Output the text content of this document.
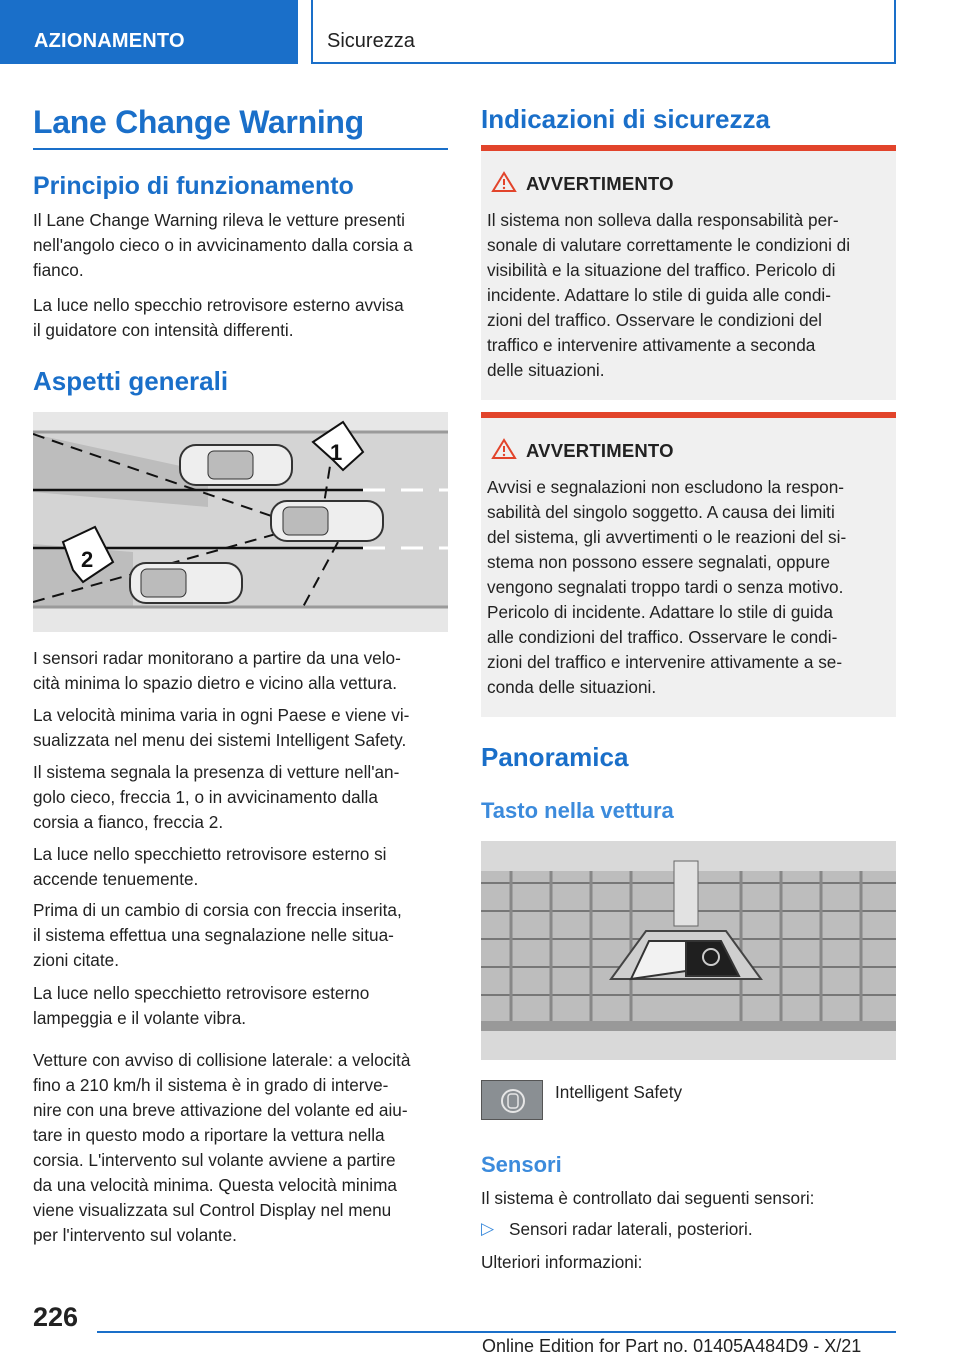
AZIONAMENTO	Sicurezza
Lane Change Warning
Principio di funzionamento
Il Lane Change Warning rileva le vetture presenti
nell'angolo cieco o in avvicinamento dalla corsia a
fianco.
La luce nello specchio retrovisore esterno avvisa
il guidatore con intensità differenti.
Aspetti generali
1
2
I sensori radar monitorano a partire da una velo-
cità minima lo spazio dietro e vicino alla vettura.
La velocità minima varia in ogni Paese e viene vi-
sualizzata nel menu dei sistemi Intelligent Safety.
Il sistema segnala la presenza di vetture nell'an-
golo cieco, freccia 1, o in avvicinamento dalla
corsia a fianco, freccia 2.
La luce nello specchietto retrovisore esterno si
accende tenuemente.
Prima di un cambio di corsia con freccia inserita,
il sistema effettua una segnalazione nelle situa-
zioni citate.
La luce nello specchietto retrovisore esterno
lampeggia e il volante vibra.
Vetture con avviso di collisione laterale: a velocità
fino a 210 km/h il sistema è in grado di interve-
nire con una breve attivazione del volante ed aiu-
tare in questo modo a riportare la vettura nella
corsia. L'intervento sul volante avviene a partire
da una velocità minima. Questa velocità minima
viene visualizzata sul Control Display nel menu
per l'intervento sul volante.
Indicazioni di sicurezza
AVVERTIMENTO
Il sistema non solleva dalla responsabilità per-
sonale di valutare correttamente le condizioni di
visibilità e la situazione del traffico. Pericolo di
incidente. Adattare lo stile di guida alle condi-
zioni del traffico. Osservare le condizioni del
traffico e intervenire attivamente a seconda
delle situazioni.
AVVERTIMENTO
Avvisi e segnalazioni non escludono la respon-
sabilità del singolo soggetto. A causa dei limiti
del sistema, gli avvertimenti o le reazioni del si-
stema non possono essere segnalati, oppure
vengono segnalati troppo tardi o senza motivo.
Pericolo di incidente. Adattare lo stile di guida
alle condizioni del traffico. Osservare le condi-
zioni del traffico e intervenire attivamente a se-
conda delle situazioni.
Panoramica
Tasto nella vettura
Intelligent Safety
Sensori
Il sistema è controllato dai seguenti sensori:
▷ Sensori radar laterali, posteriori.
Ulteriori informazioni:
226
Online Edition for Part no. 01405A484D9 - X/21
